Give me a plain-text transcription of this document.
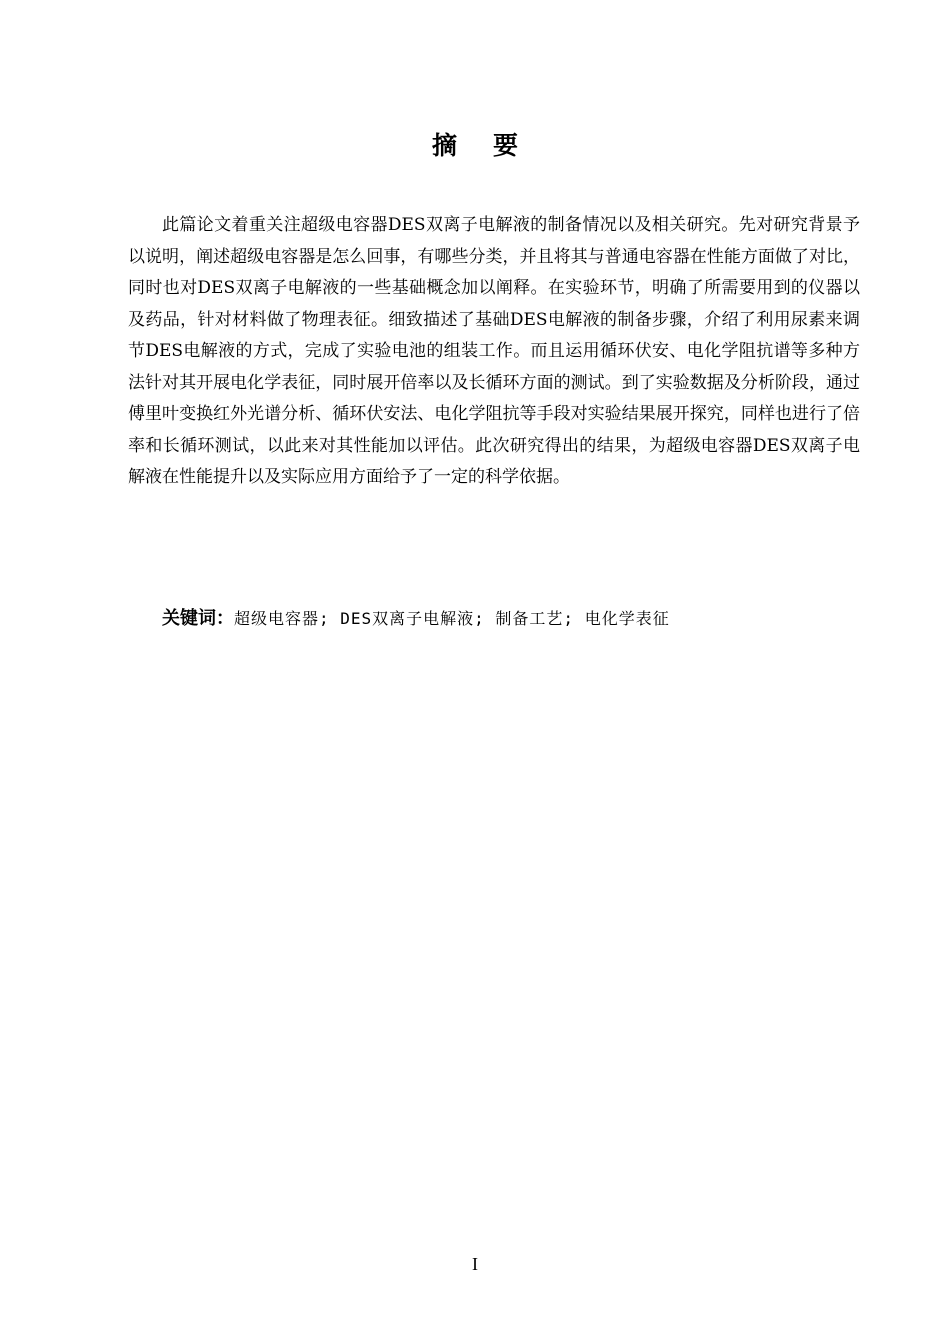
摘要

此篇论文着重关注超级电容器DES双离子电解液的制备情况以及相关研究。先对研究背景予以说明，阐述超级电容器是怎么回事，有哪些分类，并且将其与普通电容器在性能方面做了对比，同时也对DES双离子电解液的一些基础概念加以阐释。在实验环节，明确了所需要用到的仪器以及药品，针对材料做了物理表征。细致描述了基础DES电解液的制备步骤，介绍了利用尿素来调节DES电解液的方式，完成了实验电池的组装工作。而且运用循环伏安、电化学阻抗谱等多种方法针对其开展电化学表征，同时展开倍率以及长循环方面的测试。到了实验数据及分析阶段，通过傅里叶变换红外光谱分析、循环伏安法、电化学阻抗等手段对实验结果展开探究，同样也进行了倍率和长循环测试，以此来对其性能加以评估。此次研究得出的结果，为超级电容器DES双离子电解液在性能提升以及实际应用方面给予了一定的科学依据。

关键词：超级电容器; DES双离子电解液; 制备工艺; 电化学表征

I
